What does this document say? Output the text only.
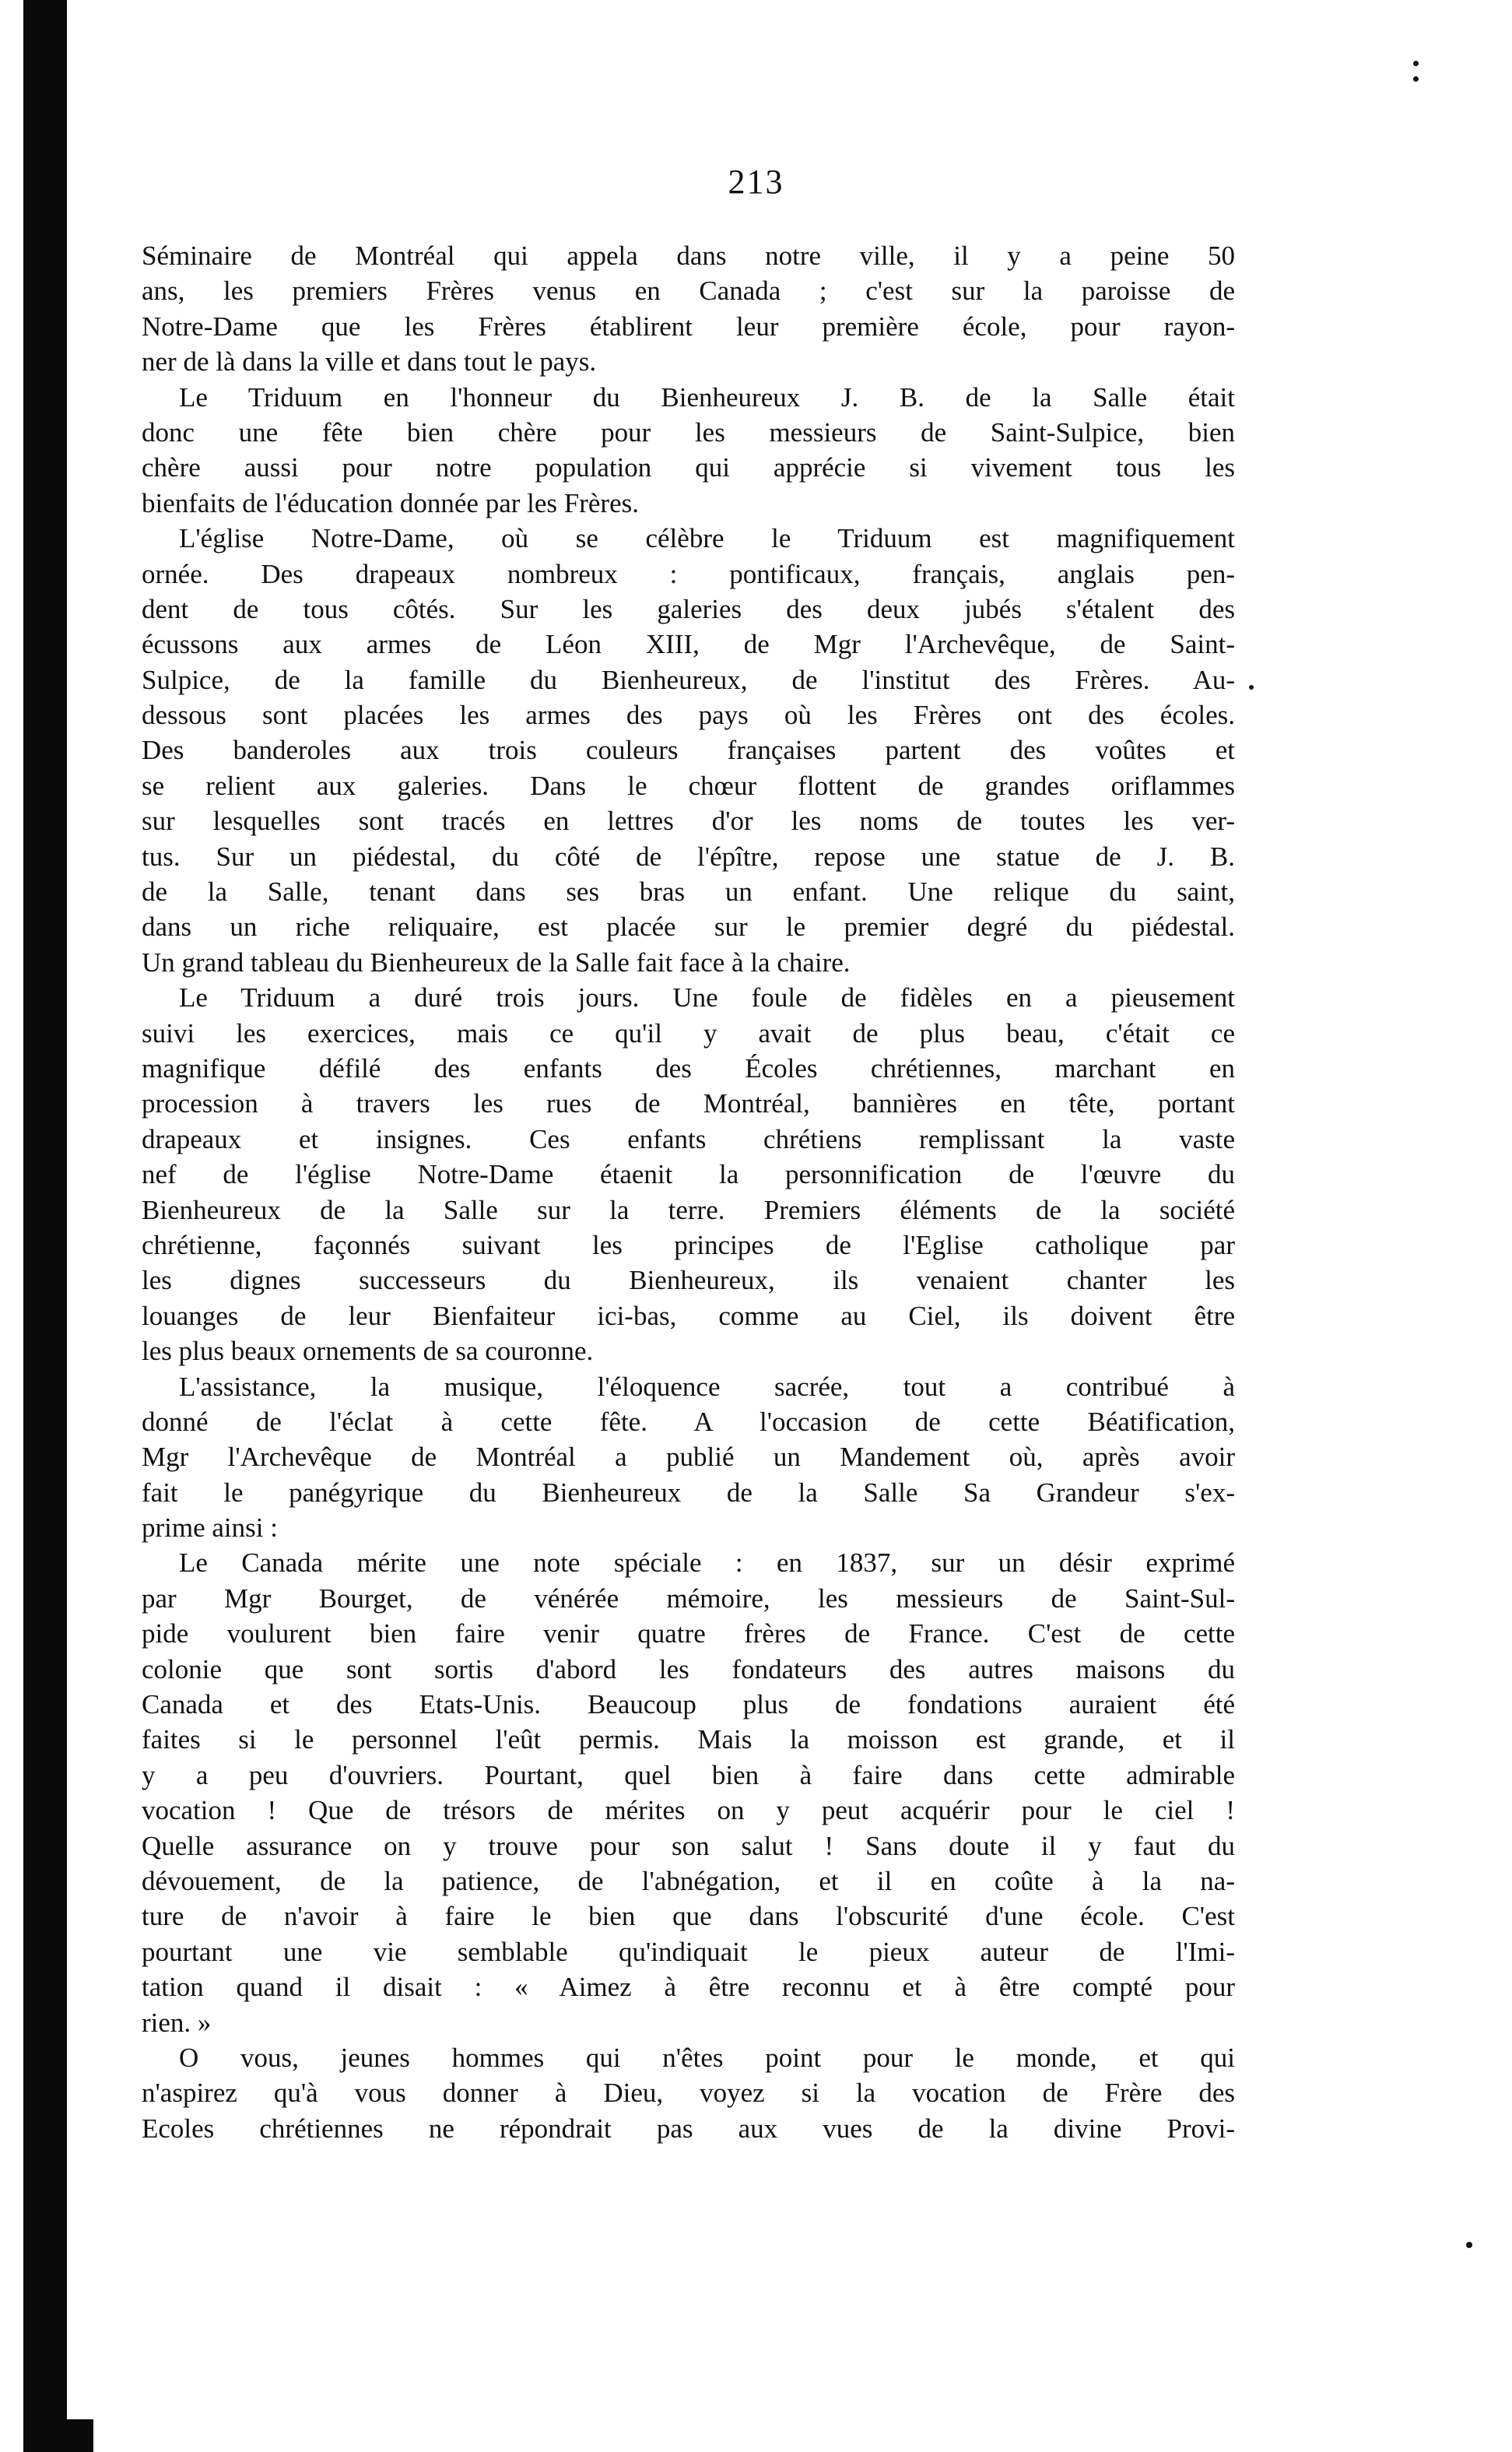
213
Séminaire de Montréal qui appela dans notre ville, il y a peine 50
ans, les premiers Frères venus en Canada ; c'est sur la paroisse de
Notre-Dame que les Frères établirent leur première école, pour rayon-
ner de là dans la ville et dans tout le pays.
Le Triduum en l'honneur du Bienheureux J. B. de la Salle était
donc une fête bien chère pour les messieurs de Saint-Sulpice, bien
chère aussi pour notre population qui apprécie si vivement tous les
bienfaits de l'éducation donnée par les Frères.
L'église Notre-Dame, où se célèbre le Triduum est magnifiquement
ornée. Des drapeaux nombreux : pontificaux, français, anglais pen-
dent de tous côtés. Sur les galeries des deux jubés s'étalent des
écussons aux armes de Léon XIII, de Mgr l'Archevêque, de Saint-
Sulpice, de la famille du Bienheureux, de l'institut des Frères. Au-
dessous sont placées les armes des pays où les Frères ont des écoles.
Des banderoles aux trois couleurs françaises partent des voûtes et
se relient aux galeries. Dans le chœur flottent de grandes oriflammes
sur lesquelles sont tracés en lettres d'or les noms de toutes les ver-
tus. Sur un piédestal, du côté de l'épître, repose une statue de J. B.
de la Salle, tenant dans ses bras un enfant. Une relique du saint,
dans un riche reliquaire, est placée sur le premier degré du piédestal.
Un grand tableau du Bienheureux de la Salle fait face à la chaire.
Le Triduum a duré trois jours. Une foule de fidèles en a pieusement
suivi les exercices, mais ce qu'il y avait de plus beau, c'était ce
magnifique défilé des enfants des Écoles chrétiennes, marchant en
procession à travers les rues de Montréal, bannières en tête, portant
drapeaux et insignes. Ces enfants chrétiens remplissant la vaste
nef de l'église Notre-Dame étaenit la personnification de l'œuvre du
Bienheureux de la Salle sur la terre. Premiers éléments de la société
chrétienne, façonnés suivant les principes de l'Eglise catholique par
les dignes successeurs du Bienheureux, ils venaient chanter les
louanges de leur Bienfaiteur ici-bas, comme au Ciel, ils doivent être
les plus beaux ornements de sa couronne.
L'assistance, la musique, l'éloquence sacrée, tout a contribué à
donné de l'éclat à cette fête. A l'occasion de cette Béatification,
Mgr l'Archevêque de Montréal a publié un Mandement où, après avoir
fait le panégyrique du Bienheureux de la Salle Sa Grandeur s'ex-
prime ainsi :
Le Canada mérite une note spéciale : en 1837, sur un désir exprimé
par Mgr Bourget, de vénérée mémoire, les messieurs de Saint-Sul-
pide voulurent bien faire venir quatre frères de France. C'est de cette
colonie que sont sortis d'abord les fondateurs des autres maisons du
Canada et des Etats-Unis. Beaucoup plus de fondations auraient été
faites si le personnel l'eût permis. Mais la moisson est grande, et il
y a peu d'ouvriers. Pourtant, quel bien à faire dans cette admirable
vocation ! Que de trésors de mérites on y peut acquérir pour le ciel !
Quelle assurance on y trouve pour son salut ! Sans doute il y faut du
dévouement, de la patience, de l'abnégation, et il en coûte à la na-
ture de n'avoir à faire le bien que dans l'obscurité d'une école. C'est
pourtant une vie semblable qu'indiquait le pieux auteur de l'Imi-
tation quand il disait : « Aimez à être reconnu et à être compté pour
rien. »
O vous, jeunes hommes qui n'êtes point pour le monde, et qui
n'aspirez qu'à vous donner à Dieu, voyez si la vocation de Frère des
Ecoles chrétiennes ne répondrait pas aux vues de la divine Provi-
